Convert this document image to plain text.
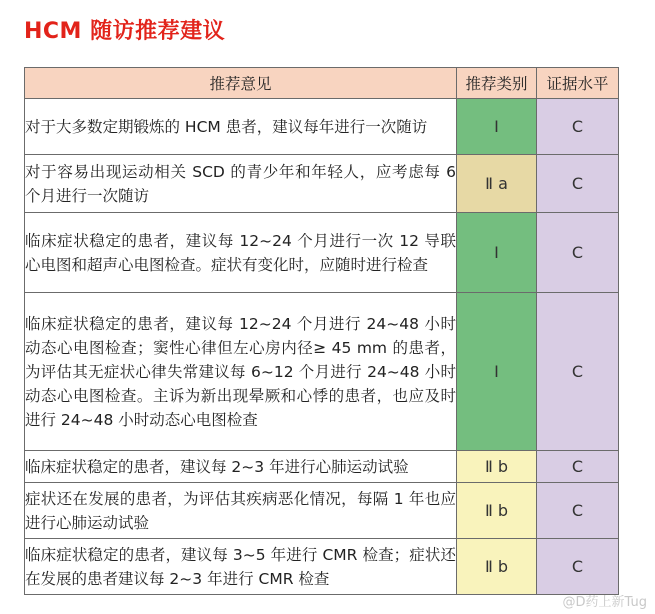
HCM 随访推荐建议
推荐意见	推荐类别	证据水平
对于大多数定期锻炼的 HCM 患者，建议每年进行一次随访	Ⅰ	C
对于容易出现运动相关 SCD 的青少年和年轻人，应考虑每 6 个月进行一次随访	Ⅱ a	C
临床症状稳定的患者，建议每 12~24 个月进行一次 12 导联心电图和超声心电图检查。症状有变化时，应随时进行检查	Ⅰ	C
临床症状稳定的患者，建议每 12~24 个月进行 24~48 小时动态心电图检查；窦性心律但左心房内径≥ 45 mm 的患者，为评估其无症状心律失常建议每 6~12 个月进行 24~48 小时动态心电图检查。主诉为新出现晕厥和心悸的患者，也应及时进行 24~48 小时动态心电图检查	Ⅰ	C
临床症状稳定的患者，建议每 2~3 年进行心肺运动试验	Ⅱ b	C
症状还在发展的患者，为评估其疾病恶化情况，每隔 1 年也应进行心肺运动试验	Ⅱ b	C
临床症状稳定的患者，建议每 3~5 年进行 CMR 检查；症状还在发展的患者建议每 2~3 年进行 CMR 检查	Ⅱ b	C
@D药上新Tug
